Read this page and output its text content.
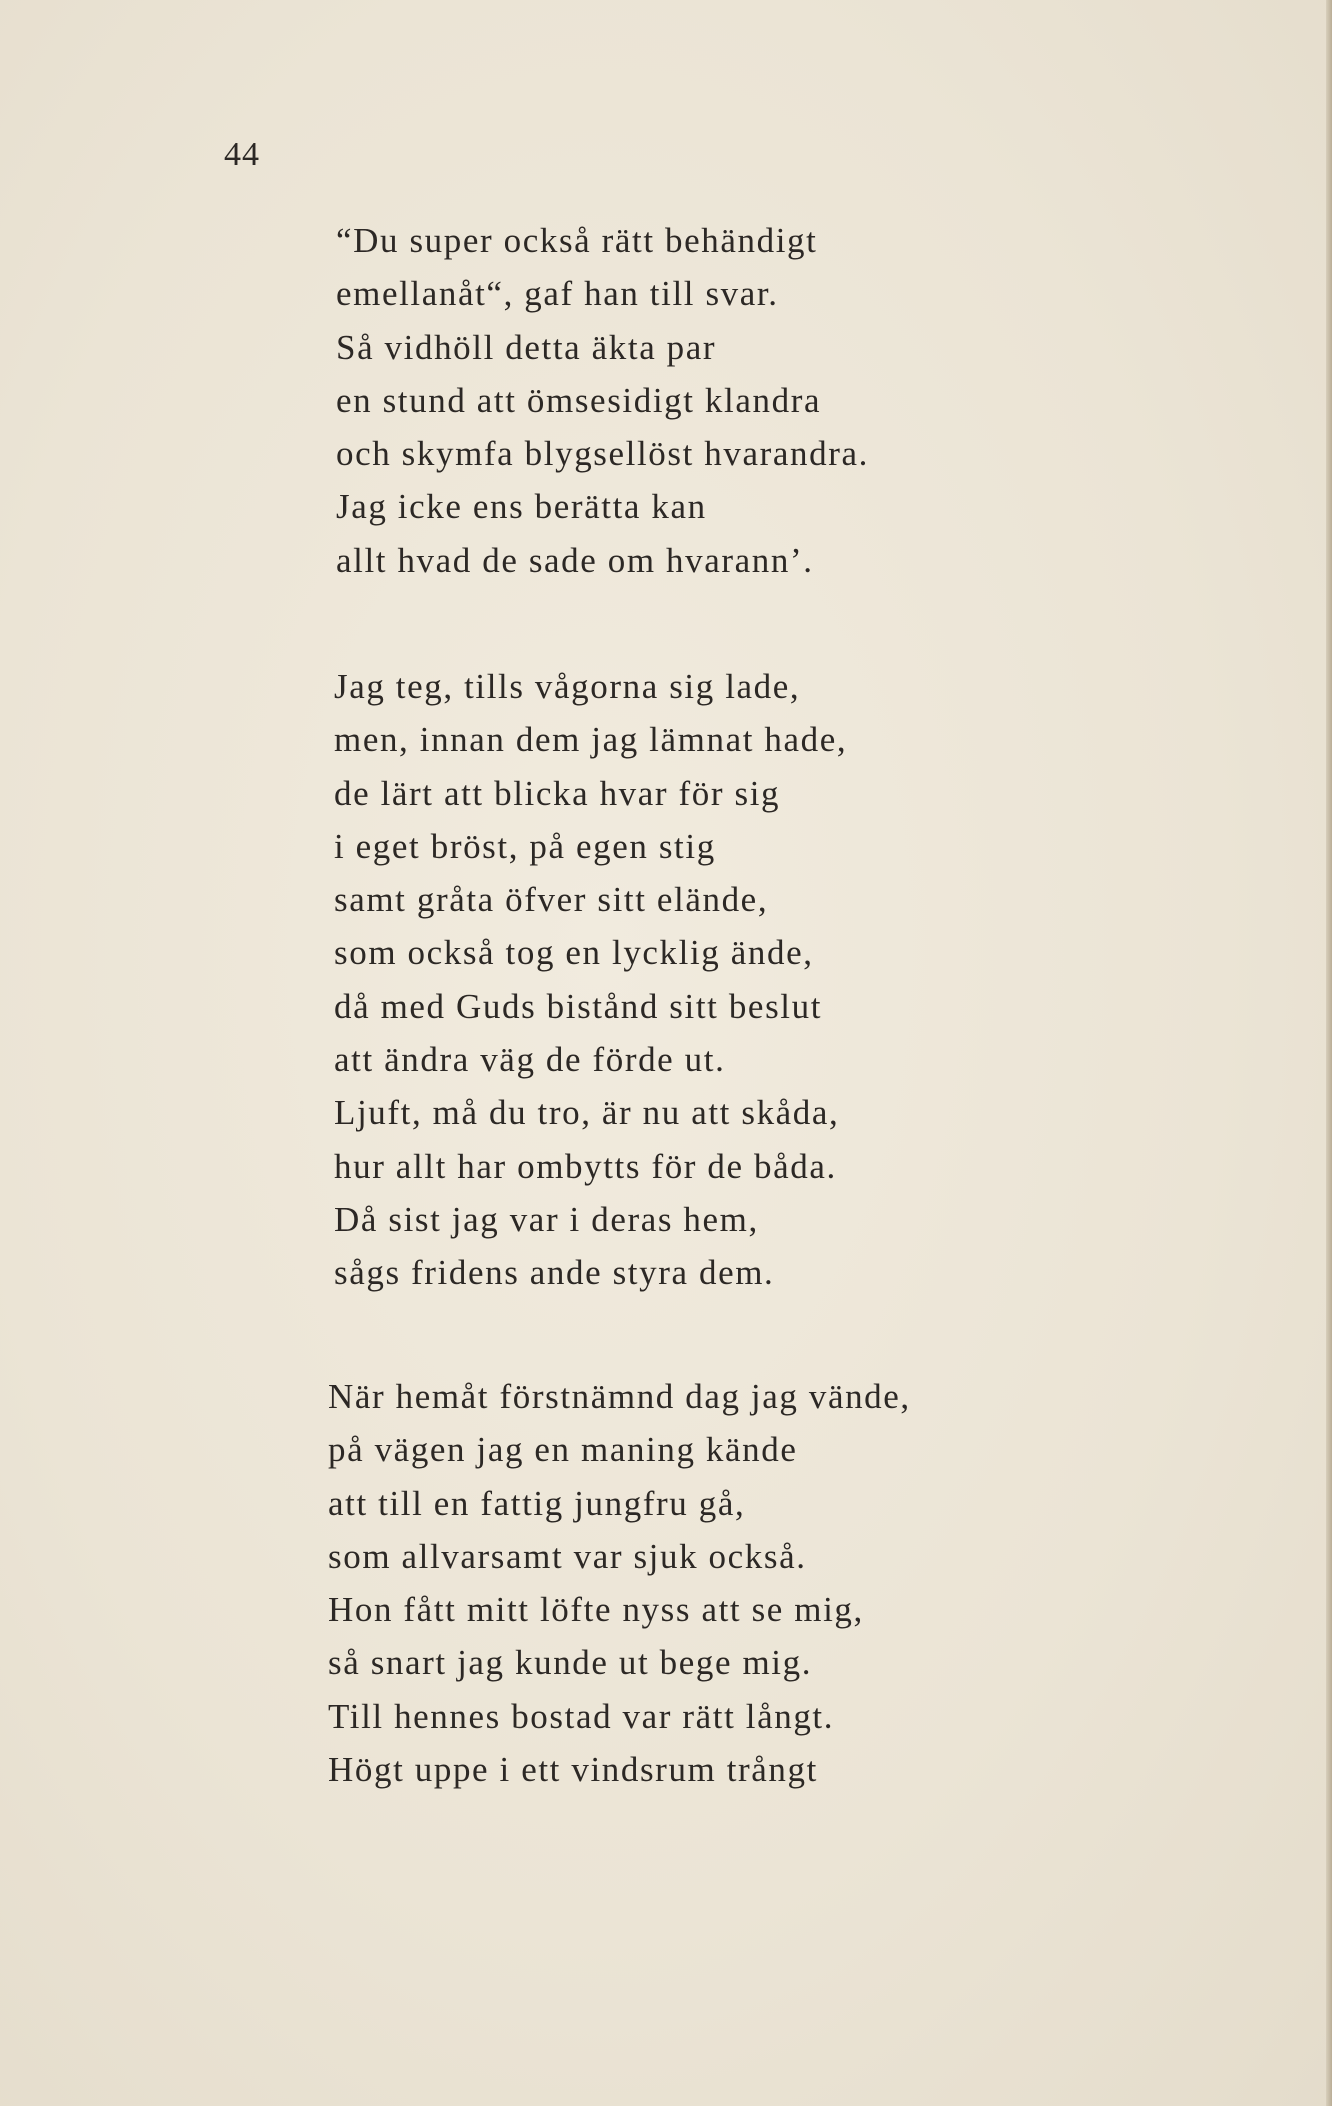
44
“Du super också rätt behändigt
emellanåt“, gaf han till svar.
Så vidhöll detta äkta par
en stund att ömsesidigt klandra
och skymfa blygsellöst hvarandra.
Jag icke ens berätta kan
allt hvad de sade om hvarann’.
Jag teg, tills vågorna sig lade,
men, innan dem jag lämnat hade,
de lärt att blicka hvar för sig
i eget bröst, på egen stig
samt gråta öfver sitt elände,
som också tog en lycklig ände,
då med Guds bistånd sitt beslut
att ändra väg de förde ut.
Ljuft, må du tro, är nu att skåda,
hur allt har ombytts för de båda.
Då sist jag var i deras hem,
sågs fridens ande styra dem.
När hemåt förstnämnd dag jag vände,
på vägen jag en maning kände
att till en fattig jungfru gå,
som allvarsamt var sjuk också.
Hon fått mitt löfte nyss att se mig,
så snart jag kunde ut bege mig.
Till hennes bostad var rätt långt.
Högt uppe i ett vindsrum trångt
